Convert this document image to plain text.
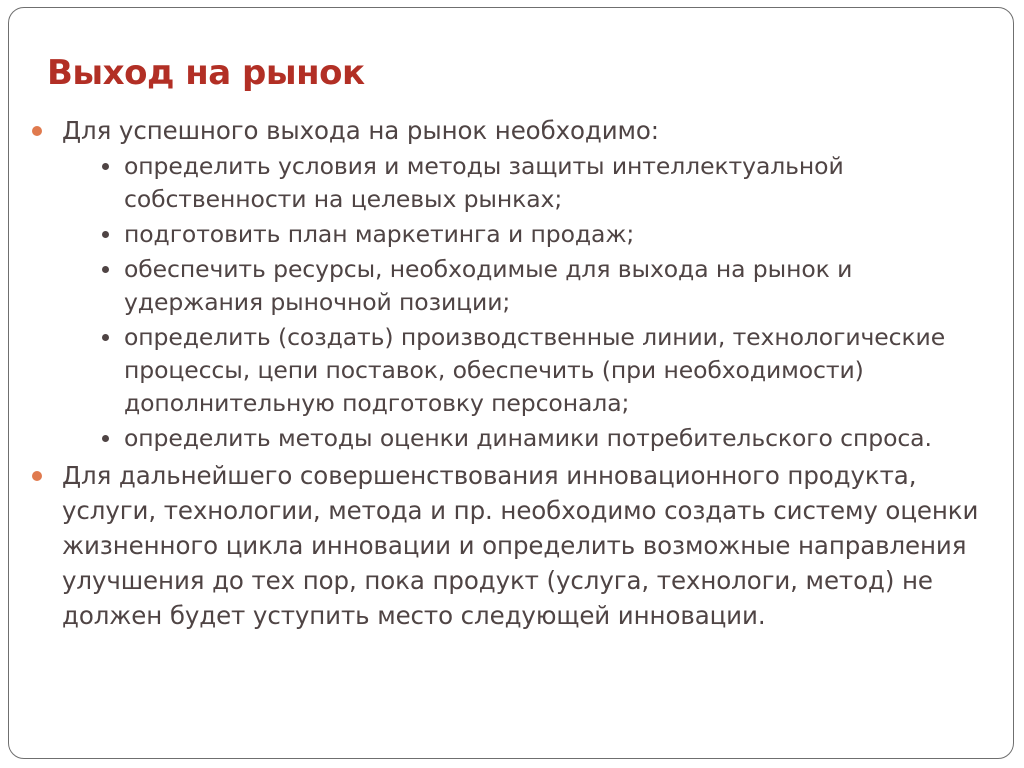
Выход на рынок
Для успешного выхода на рынок необходимо:
определить условия и методы защиты интеллектуальной собственности на целевых рынках;
подготовить план маркетинга и продаж;
обеспечить ресурсы, необходимые для выхода на рынок и удержания рыночной позиции;
определить (создать) производственные линии, технологические процессы, цепи поставок, обеспечить (при необходимости) дополнительную подготовку персонала;
определить методы оценки динамики потребительского спроса.
Для дальнейшего совершенствования инновационного продукта, услуги, технологии, метода и пр. необходимо создать систему оценки жизненного цикла инновации и определить возможные направления улучшения до тех пор, пока продукт (услуга, технологи, метод) не должен будет уступить место следующей инновации.
